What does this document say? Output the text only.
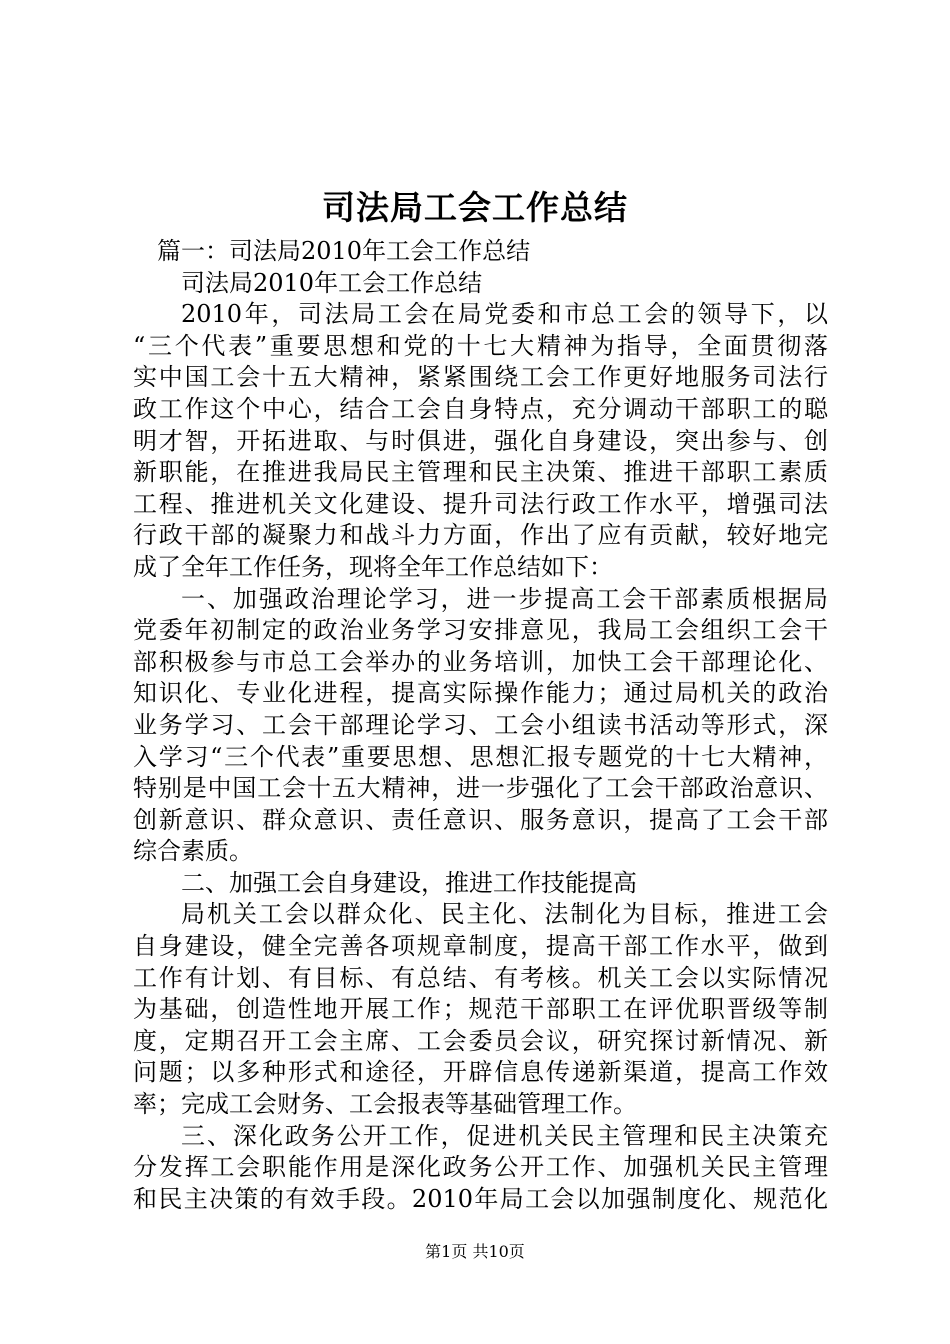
司法局工会工作总结
篇一：司法局2010年工会工作总结
司法局2010年工会工作总结
2010年，司法局工会在局党委和市总工会的领导下，以
“三个代表”重要思想和党的十七大精神为指导，全面贯彻落
实中国工会十五大精神，紧紧围绕工会工作更好地服务司法行
政工作这个中心，结合工会自身特点，充分调动干部职工的聪
明才智，开拓进取、与时俱进，强化自身建设，突出参与、创
新职能，在推进我局民主管理和民主决策、推进干部职工素质
工程、推进机关文化建设、提升司法行政工作水平，增强司法
行政干部的凝聚力和战斗力方面，作出了应有贡献，较好地完
成了全年工作任务，现将全年工作总结如下：
一、加强政治理论学习，进一步提高工会干部素质根据局
党委年初制定的政治业务学习安排意见，我局工会组织工会干
部积极参与市总工会举办的业务培训，加快工会干部理论化、
知识化、专业化进程，提高实际操作能力；通过局机关的政治
业务学习、工会干部理论学习、工会小组读书活动等形式，深
入学习“三个代表”重要思想、思想汇报专题党的十七大精神，
特别是中国工会十五大精神，进一步强化了工会干部政治意识、
创新意识、群众意识、责任意识、服务意识，提高了工会干部
综合素质。
二、加强工会自身建设，推进工作技能提高
局机关工会以群众化、民主化、法制化为目标，推进工会
自身建设，健全完善各项规章制度，提高干部工作水平，做到
工作有计划、有目标、有总结、有考核。机关工会以实际情况
为基础，创造性地开展工作；规范干部职工在评优职晋级等制
度，定期召开工会主席、工会委员会议，研究探讨新情况、新
问题；以多种形式和途径，开辟信息传递新渠道，提高工作效
率；完成工会财务、工会报表等基础管理工作。
三、深化政务公开工作，促进机关民主管理和民主决策充
分发挥工会职能作用是深化政务公开工作、加强机关民主管理
和民主决策的有效手段。2010年局工会以加强制度化、规范化
第1页 共10页
